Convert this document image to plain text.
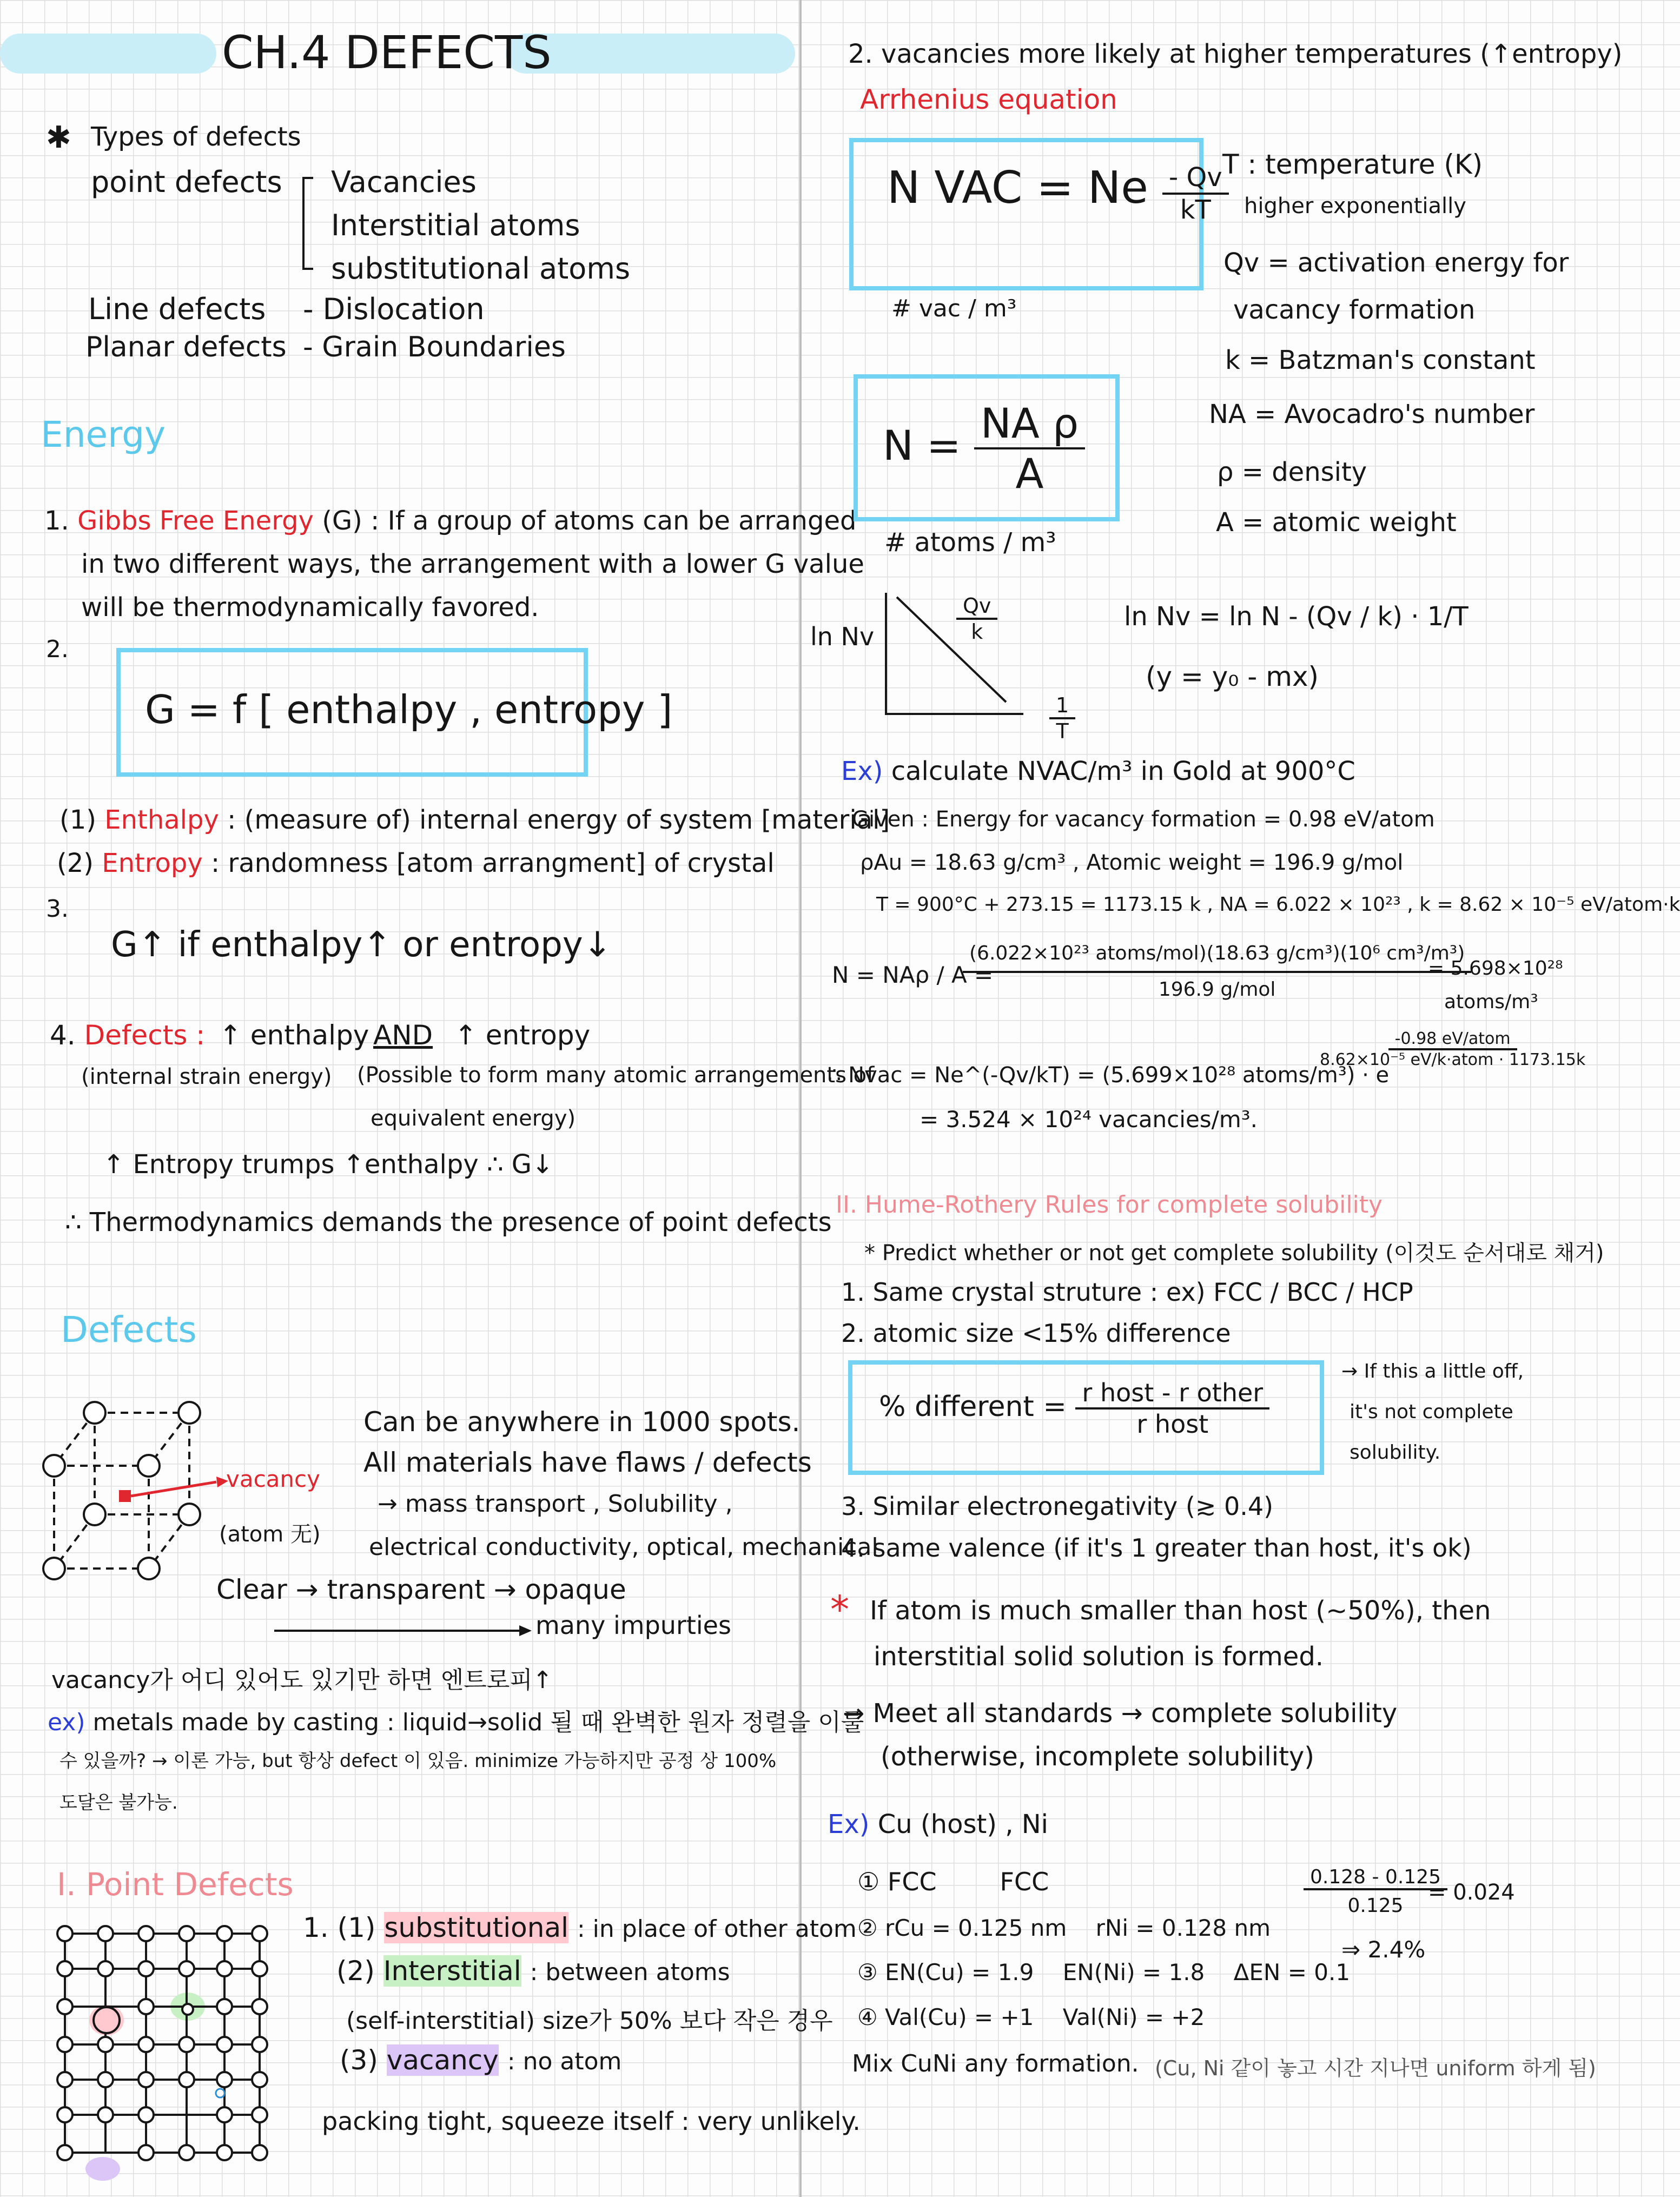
CH.4 DEFECTS
✱ Types of defects
point defects Vacancies
Interstitial atoms
substitutional atoms
Line defects - Dislocation
Planar defects - Grain Boundaries
Energy
1. Gibbs Free Energy (G) : If a group of atoms can be arranged
in two different ways, the arrangement with a lower G value
will be thermodynamically favored.
2.
G = f [ enthalpy , entropy ]
(1) Enthalpy : (measure of) internal energy of system [material]
(2) Entropy : randomness [atom arrangment] of crystal
3.
G↑ if enthalpy↑ or entropy↓
4. Defects : ↑ enthalpy AND ↑ entropy
(internal strain energy) (Possible to form many atomic arrangements of
equivalent energy)
↑ Entropy trumps ↑enthalpy ∴ G↓
∴ Thermodynamics demands the presence of point defects
Defects
vacancy
(atom 无)
Can be anywhere in 1000 spots.
All materials have flaws / defects
→ mass transport , Solubility ,
electrical conductivity, optical, mechanical
Clear → transparent → opaque
many impurties
vacancy가 어디 있어도 있기만 하면 엔트로피↑
ex) metals made by casting : liquid→solid 될 때 완벽한 원자 정렬을 이룰
수 있을까? → 이론 가능, but 항상 defect 이 있음. minimize 가능하지만 공정 상 100%
도달은 불가능.
I. Point Defects
1. (1) substitutional : in place of other atom
(2) Interstitial : between atoms
(self-interstitial) size가 50% 보다 작은 경우
(3) vacancy : no atom
packing tight, squeeze itself : very unlikely.
2. vacancies more likely at higher temperatures (↑entropy)
Arrhenius equation
N VAC = Ne $\frac{- Qv}{kT}$
# vac / m³
$N = \frac{\text{NA ρ}}{A}$
# atoms / m³
T : temperature (K)
higher exponentially
Qv = activation energy for
vacancy formation
k = Batzman's constant
NA = Avocadro's number
ρ = density
A = atomic weight
ln Nv	$\frac{Qv}{k}$
$\frac{1}{T}$
ln Nv = ln N - (Qv / k) · 1/T
(y = y₀ - mx)
Ex) calculate NVAC/m³ in Gold at 900°C
Given : Energy for vacancy formation = 0.98 eV/atom
ρAu = 18.63 g/cm³ , Atomic weight = 196.9 g/mol
T = 900°C + 273.15 = 1173.15 k , NA = 6.022 × 10²³ , k = 8.62 × 10⁻⁵ eV/atom·k
N = NAρ / A =
$\frac{\text{(6.022×10²³ atoms/mol)(18.63 g/cm³)(10⁶ cm³/m³)}}{\text{196.9 g/mol}}$
= 5.698×10²⁸
atoms/m³
∴ Nvac = Ne^(-Qv/kT) = (5.699×10²⁸ atoms/m³) · e
$\frac{\text{-0.98 eV/atom}}{\text{8.62×10⁻⁵ eV/k·atom · 1173.15k}}$
= 3.524 × 10²⁴ vacancies/m³.
II. Hume-Rothery Rules for complete solubility
* Predict whether or not get complete solubility (이것도 순서대로 채거)
1. Same crystal struture : ex) FCC / BCC / HCP
2. atomic size <15% difference
% different = $\frac{\text{r host - r other}}{\text{r host}}$
→ If this a little off,
it's not complete
solubility.
3. Similar electronegativity (≳ 0.4)
4. same valence (if it's 1 greater than host, it's ok)
* If atom is much smaller than host (~50%), then
interstitial solid solution is formed.
→ Meet all standards → complete solubility
(otherwise, incomplete solubility)
Ex) Cu (host) , Ni
① FCC        FCC
② rCu = 0.125 nm    rNi = 0.128 nm
③ EN(Cu) = 1.9    EN(Ni) = 1.8    ΔEN = 0.1
④ Val(Cu) = +1    Val(Ni) = +2
$\frac{0.128 - 0.125}{0.125}$
= 0.024
⇒ 2.4%
Mix CuNi any formation. (Cu, Ni 같이 놓고 시간 지나면 uniform 하게 됨)
